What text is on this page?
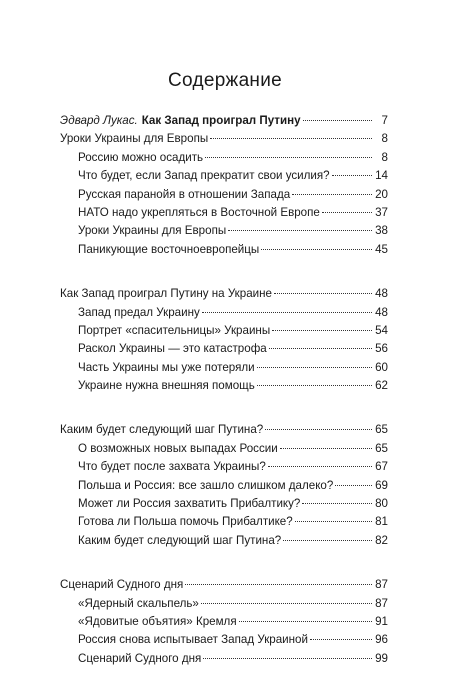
Содержание
Эдвард Лукас. Как Запад проиграл Путину	7
Уроки Украины для Европы	8
Россию можно осадить	8
Что будет, если Запад прекратит свои усилия?	14
Русская паранойя в отношении Запада	20
НАТО надо укрепляться в Восточной Европе	37
Уроки Украины для Европы	38
Паникующие восточноевропейцы	45
Как Запад проиграл Путину на Украине	48
Запад предал Украину	48
Портрет «спасительницы» Украины	54
Раскол Украины — это катастрофа	56
Часть Украины мы уже потеряли	60
Украине нужна внешняя помощь	62
Каким будет следующий шаг Путина?	65
О возможных новых выпадах России	65
Что будет после захвата Украины?	67
Польша и Россия: все зашло слишком далеко?	69
Может ли Россия захватить Прибалтику?	80
Готова ли Польша помочь Прибалтике?	81
Каким будет следующий шаг Путина?	82
Сценарий Судного дня	87
«Ядерный скальпель»	87
«Ядовитые объятия» Кремля	91
Россия снова испытывает Запад Украиной	96
Сценарий Судного дня	99
